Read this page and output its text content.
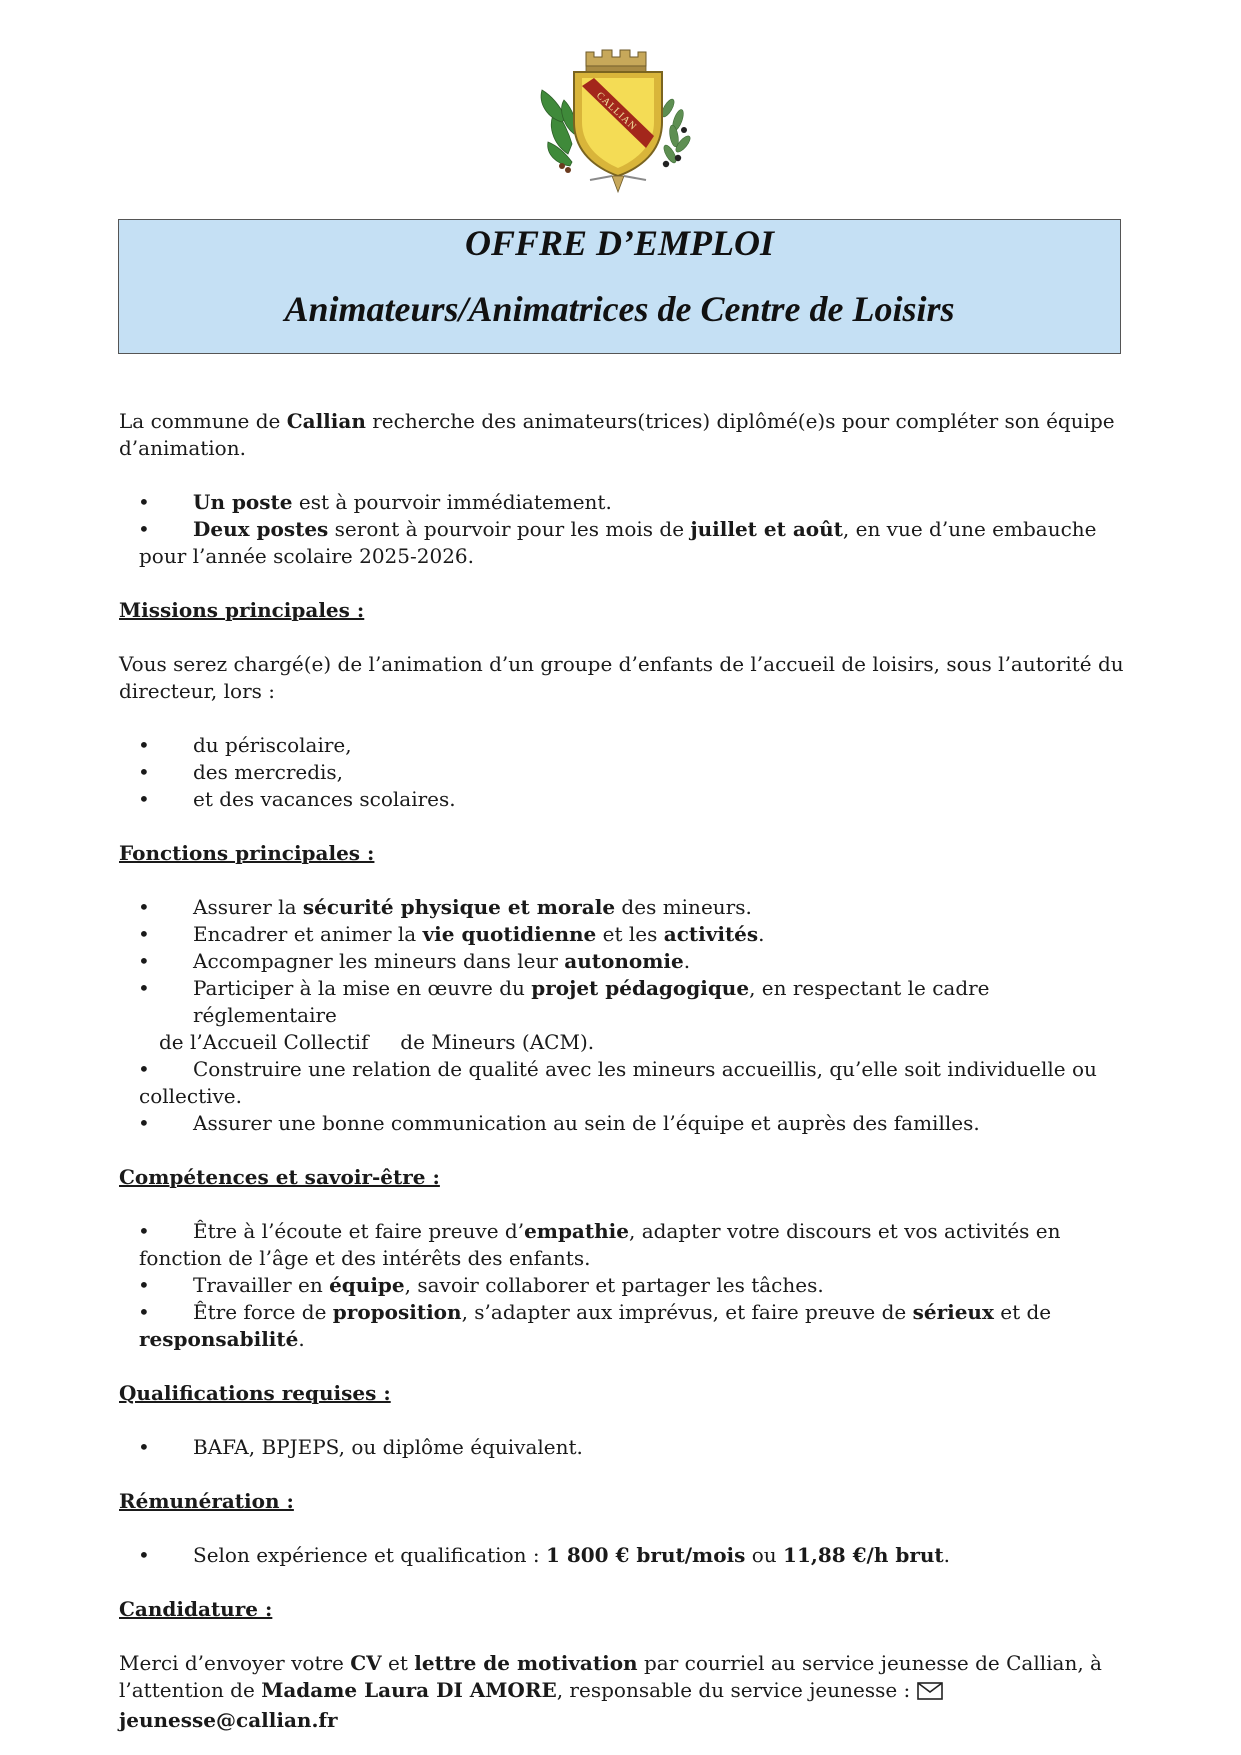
CALLIAN
OFFRE D’EMPLOI
Animateurs/Animatrices de Centre de Loisirs

La commune de Callian recherche des animateurs(trices) diplômé(e)s pour compléter son équipe d’animation.

• Un poste est à pourvoir immédiatement.
• Deux postes seront à pourvoir pour les mois de juillet et août, en vue d’une embauche pour l’année scolaire 2025-2026.

Missions principales :

Vous serez chargé(e) de l’animation d’un groupe d’enfants de l’accueil de loisirs, sous l’autorité du directeur, lors :

• du périscolaire,
• des mercredis,
• et des vacances scolaires.

Fonctions principales :

• Assurer la sécurité physique et morale des mineurs.
• Encadrer et animer la vie quotidienne et les activités.
• Accompagner les mineurs dans leur autonomie.
• Participer à la mise en œuvre du projet pédagogique, en respectant le cadre réglementaire
de l’Accueil Collectif     de Mineurs (ACM).
• Construire une relation de qualité avec les mineurs accueillis, qu’elle soit individuelle ou collective.
• Assurer une bonne communication au sein de l’équipe et auprès des familles.

Compétences et savoir-être :

• Être à l’écoute et faire preuve d’empathie, adapter votre discours et vos activités en fonction de l’âge et des intérêts des enfants.
• Travailler en équipe, savoir collaborer et partager les tâches.
• Être force de proposition, s’adapter aux imprévus, et faire preuve de sérieux et de responsabilité.

Qualifications requises :

• BAFA, BPJEPS, ou diplôme équivalent.

Rémunération :

• Selon expérience et qualification : 1 800 € brut/mois ou 11,88 €/h brut.

Candidature :

Merci d’envoyer votre CV et lettre de motivation par courriel au service jeunesse de Callian, à l’attention de Madame Laura DI AMORE, responsable du service jeunesse : jeunesse@callian.fr
